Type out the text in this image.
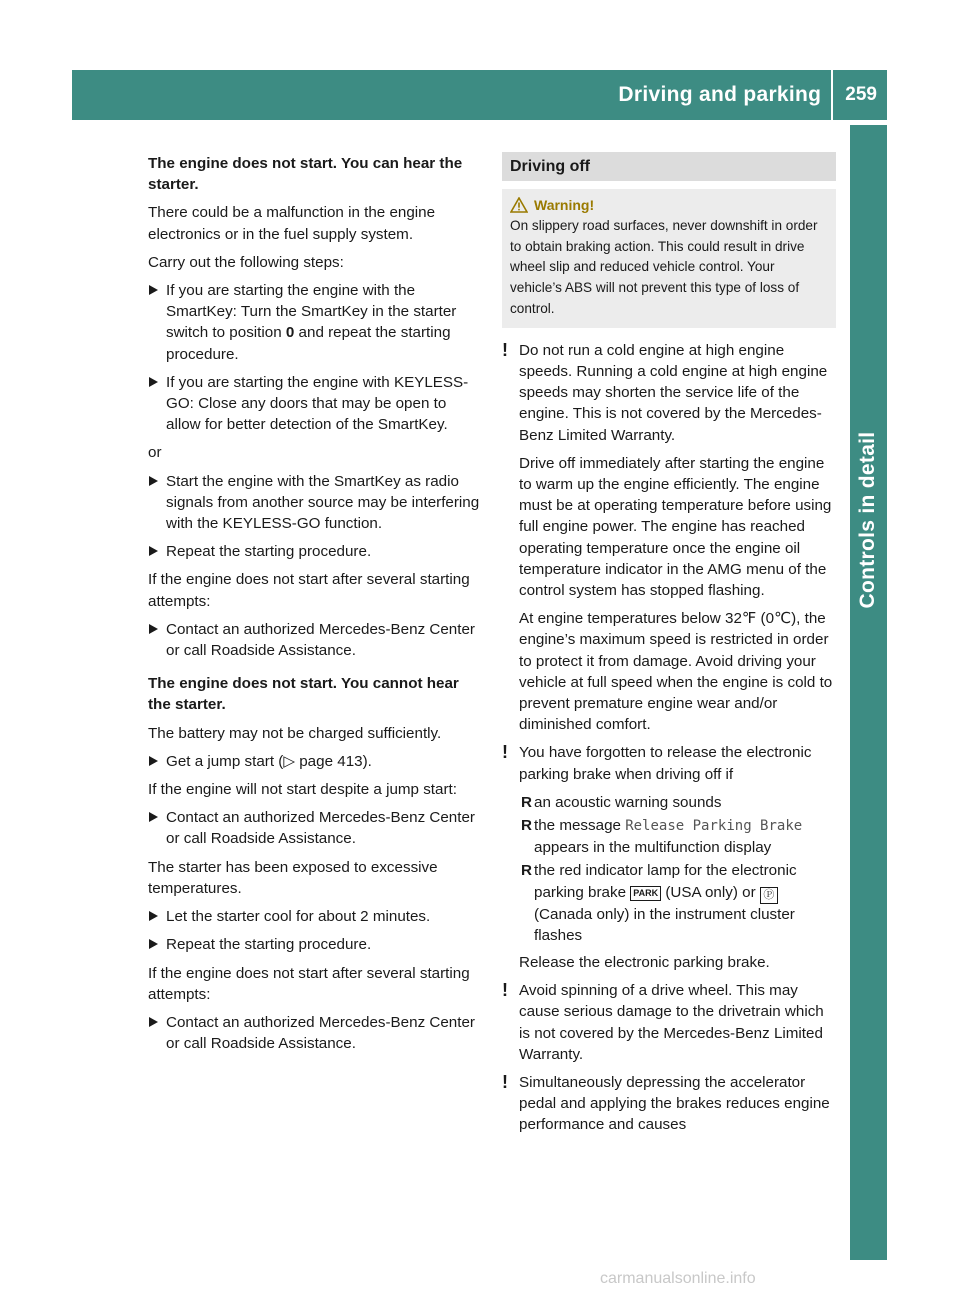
Driving and parking	259
Controls in detail

The engine does not start. You can hear the starter.

There could be a malfunction in the engine electronics or in the fuel supply system.

Carry out the following steps:

If you are starting the engine with the SmartKey: Turn the SmartKey in the starter switch to position 0 and repeat the starting procedure.
If you are starting the engine with KEYLESS-GO: Close any doors that may be open to allow for better detection of the SmartKey.

or

Start the engine with the SmartKey as radio signals from another source may be interfering with the KEYLESS-GO function.
Repeat the starting procedure.

If the engine does not start after several starting attempts:

Contact an authorized Mercedes-Benz Center or call Roadside Assistance.

The engine does not start. You cannot hear the starter.

The battery may not be charged sufficiently.

Get a jump start (▷ page 413).

If the engine will not start despite a jump start:

Contact an authorized Mercedes-Benz Center or call Roadside Assistance.

The starter has been exposed to excessive temperatures.

Let the starter cool for about 2 minutes.
Repeat the starting procedure.

If the engine does not start after several starting attempts:

Contact an authorized Mercedes-Benz Center or call Roadside Assistance.
Driving off
Warning!
On slippery road surfaces, never downshift in order to obtain braking action. This could result in drive wheel slip and reduced vehicle control. Your vehicle’s ABS will not prevent this type of loss of control.
! Do not run a cold engine at high engine speeds. Running a cold engine at high engine speeds may shorten the service life of the engine. This is not covered by the Mercedes-Benz Limited Warranty.

Drive off immediately after starting the engine to warm up the engine efficiently. The engine must be at operating temperature before using full engine power. The engine has reached operating temperature once the engine oil temperature indicator in the AMG menu of the control system has stopped flashing.

At engine temperatures below 32℉ (0℃), the engine’s maximum speed is restricted in order to protect it from damage. Avoid driving your vehicle at full speed when the engine is cold to prevent premature engine wear and/or diminished comfort.

! You have forgotten to release the electronic parking brake when driving off if

R an acoustic warning sounds
R the message Release Parking Brake appears in the multifunction display
R the red indicator lamp for the electronic parking brake PARK (USA only) or Ⓟ (Canada only) in the instrument cluster flashes

Release the electronic parking brake.

! Avoid spinning of a drive wheel. This may cause serious damage to the drivetrain which is not covered by the Mercedes-Benz Limited Warranty.

! Simultaneously depressing the accelerator pedal and applying the brakes reduces engine performance and causes

carmanualsonline.info
